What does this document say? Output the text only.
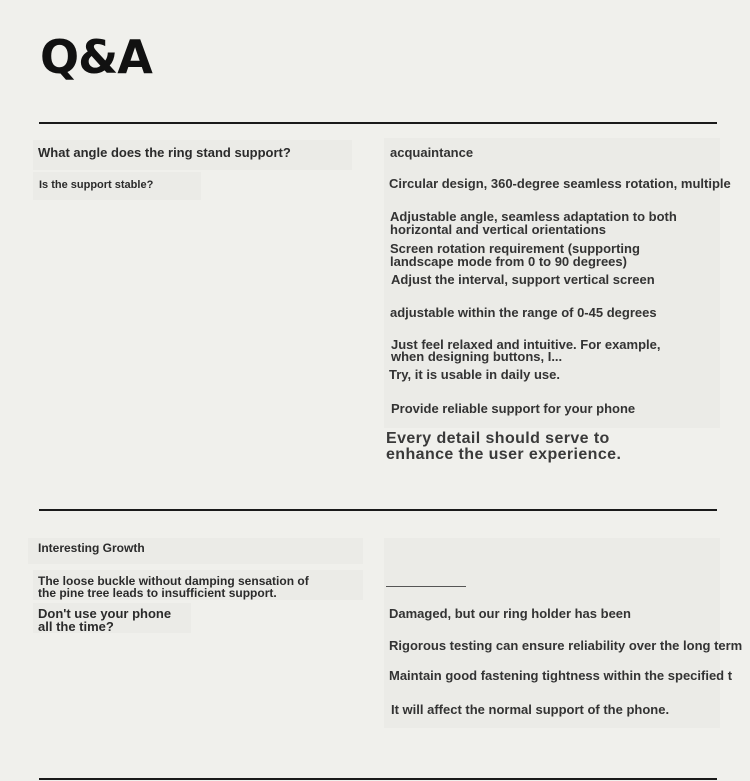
Q&A
What angle does the ring stand support?
Is the support stable?
acquaintance
Circular design, 360-degree seamless rotation, multiple
Adjustable angle, seamless adaptation to both
horizontal and vertical orientations
Screen rotation requirement (supporting
landscape mode from 0 to 90 degrees)
Adjust the interval, support vertical screen
adjustable within the range of 0-45 degrees
Just feel relaxed and intuitive. For example,
when designing buttons, I...
Try, it is usable in daily use.
Provide reliable support for your phone
Every detail should serve to
enhance the user experience.
Interesting Growth
The loose buckle without damping sensation of
the pine tree leads to insufficient support.
Don't use your phone
all the time?
Damaged, but our ring holder has been
Rigorous testing can ensure reliability over the long term
Maintain good fastening tightness within the specified t
It will affect the normal support of the phone.
